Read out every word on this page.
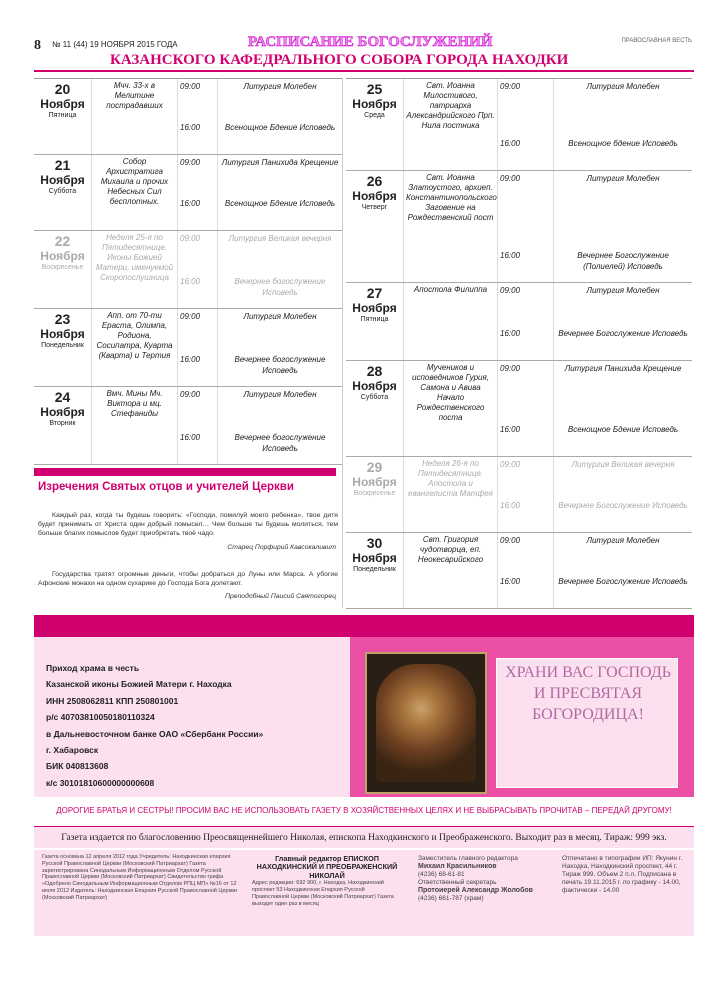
8 № 11 (44) 19 НОЯБРЯ 2015 ГОДА	РАСПИСАНИЕ БОГОСЛУЖЕНИЙ
КАЗАНСКОГО КАФЕДРАЛЬНОГО СОБОРА ГОРОДА НАХОДКИ
ПРАВОСЛАВНАЯ ВЕСТЬ
20
Ноября
Пятница
Мчч. 33-х в Мелитине пострадавших
09:00
16:00
Литургия Молебен
Всенощное Бдение Исповедь
21
Ноября
Суббота
Собор Архистратига Михаила и прочих Небесных Сил бесплотных.
09:00
16:00
Литургия Панихида Крещение
Всенощное Бдение Исповедь
22
Ноября
Воскресенье
Неделя 25-я по Пятидесятнице. Иконы Божией Матери, именуемой Скоропослушница
09:00
16:00
Литургия Великая вечерня
Вечернее богослужение Исповедь
23
Ноября
Понедельник
Апп. от 70-ти Ераста, Олимпа, Родиона, Сосипатра, Куарта (Кварта) и Тертия
09:00
16:00
Литургия Молебен
Вечернее богослужение Исповедь
24
Ноября
Вторник
Вмч. Мины Мч. Виктора и мц. Стефаниды
09:00
16:00
Литургия Молебен
Вечернее богослужение Исповедь
25
Ноября
Среда
Свт. Иоанна Милостивого, патриарха Александрийского Прп. Нила постника
09:00
16:00
Литургия Молебен
Всенощное бдение Исповедь
26
Ноября
Четверг
Свт. Иоанна Златоустого, архиеп. Константинопольского Заговение на Рождественский пост
09:00
16:00
Литургия Молебен
Вечернее Богослужение (Полиелей) Исповедь
27
Ноября
Пятница
Апостола Филиппа	09:00
16:00
Литургия Молебен
Вечернее Богослужение Исповедь
28
Ноября
Суббота
Мучеников и исповедников Гурия, Самона и Авива Начало Рождественского поста
09:00
16:00
Литургия Панихида Крещение
Всенощное Бдение Исповедь
29
Ноября
Воскресенье
Неделя 26-я по Пятидесятнице. Апостола и евангелиста Матфея
09:00
16:00
Литургия Великая вечерня
Вечернее Богослужение Исповедь
30
Ноября
Понедельник
Свт. Григория чудотворца, еп. Неокесарийского
09:00
16:00
Литургия Молебен
Вечернее Богослужение Исповедь
Изречения Святых отцов и учителей Церкви
Каждый раз, когда ты будешь говорить: «Господи, помилуй моего ребенка», твое дитя будет принимать от Христа один добрый помысел… Чем больше ты будешь молиться, тем больше благих помыслов будет приобретать твоё чадо.
Старец Порфирий Кавсокаливит
Государства тратят огромные деньги, чтобы добраться до Луны или Марса. А убогие Афонские монахи на одном сухарике до Господа Бога долетают.
Преподобный Паисий Святогорец
Приход храма в честь
Казанской иконы Божией Матери г. Находка
ИНН 2508062811 КПП 250801001
р/с 40703810050180110324
в Дальневосточном банке ОАО «Сбербанк России»
г. Хабаровск
БИК 040813608
к/с 30101810600000000608
ХРАНИ ВАС ГОСПОДЬ И ПРЕСВЯТАЯ БОГОРОДИЦА!
ДОРОГИЕ БРАТЬЯ И СЕСТРЫ! ПРОСИМ ВАС НЕ ИСПОЛЬЗОВАТЬ ГАЗЕТУ В ХОЗЯЙСТВЕННЫХ ЦЕЛЯХ И НЕ ВЫБРАСЫВАТЬ ПРОЧИТАВ – ПЕРЕДАЙ ДРУГОМУ!
Газета издается по благословению Преосвященнейшего Николая, епископа Находкинского и Преображенского. Выходит раз в месяц. Тираж: 999 экз.
Газета основана 12 апреля 2012 года Учредитель: Находкинская епархия Русской Православной Церкви (Московский Патриархат) Газета зарегистрирована Синодальным Информационным Отделом Русской Православной Церкви (Московский Патриархат) Свидетельство грифа «Одобрено Синодальным Информационным Отделом РПЦ МП» №16 от 12 июля 2012 Издатель: Находкинская Епархия Русской Православной Церкви (Московский Патриархат)
Главный редактор ЕПИСКОП НАХОДКИНСКИЙ И ПРЕОБРАЖЕНСКИЙ НИКОЛАЙ
Адрес редакции: 692 900, г. Находка, Находкинский проспект 53 Находкинская Епархия Русской Православной Церкви (Московский Патриархат) Газета выходит один раз в месяц
Заместитель главного редактора
Михаил Красильников
(4236) 68-61-81
Ответственный секретарь
Протоиерей Александр Жолобов
(4236) 661-787 (храм)
Отпечатано в типографии ИП: Якунин г. Находка, Находкинский проспект, 44 г. Тираж 999. Объем 2 п.л. Подписана в печать 19.11.2015 г. по графику - 14.00, фактически - 14.00
